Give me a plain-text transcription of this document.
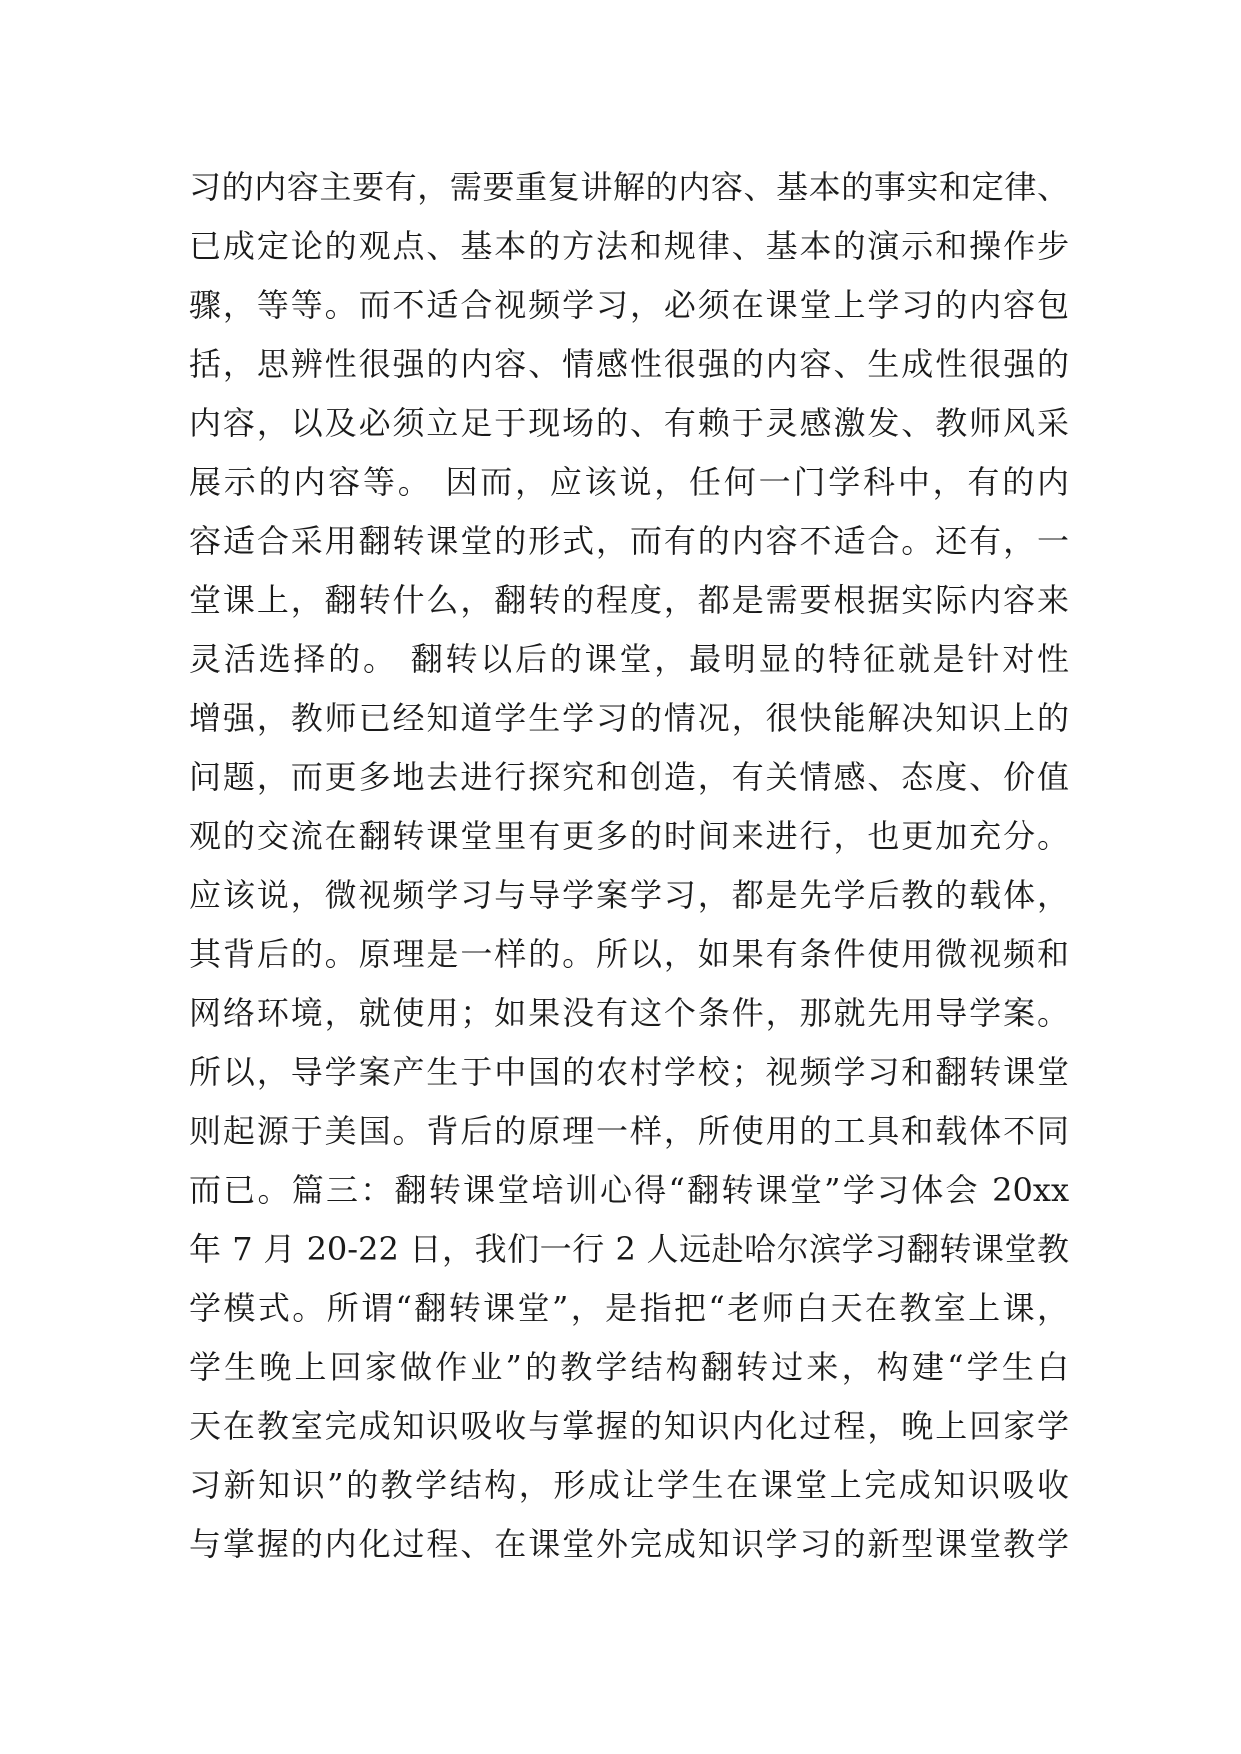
习的内容主要有，需要重复讲解的内容、基本的事实和定律、
已成定论的观点、基本的方法和规律、基本的演示和操作步
骤，等等。而不适合视频学习，必须在课堂上学习的内容包
括，思辨性很强的内容、情感性很强的内容、生成性很强的
内容，以及必须立足于现场的、有赖于灵感激发、教师风采
展示的内容等。 因而，应该说，任何一门学科中，有的内
容适合采用翻转课堂的形式，而有的内容不适合。还有，一
堂课上，翻转什么，翻转的程度，都是需要根据实际内容来
灵活选择的。 翻转以后的课堂，最明显的特征就是针对性
增强，教师已经知道学生学习的情况，很快能解决知识上的
问题，而更多地去进行探究和创造，有关情感、态度、价值
观的交流在翻转课堂里有更多的时间来进行，也更加充分。
应该说，微视频学习与导学案学习，都是先学后教的载体，
其背后的。原理是一样的。所以，如果有条件使用微视频和
网络环境，就使用；如果没有这个条件，那就先用导学案。
所以，导学案产生于中国的农村学校；视频学习和翻转课堂
则起源于美国。背后的原理一样，所使用的工具和载体不同
而已。篇三：翻转课堂培训心得“翻转课堂”学习体会 20xx
年 7 月 20-22 日，我们一行 2 人远赴哈尔滨学习翻转课堂教
学模式。所谓“翻转课堂”，是指把“老师白天在教室上课，
学生晚上回家做作业”的教学结构翻转过来，构建“学生白
天在教室完成知识吸收与掌握的知识内化过程，晚上回家学
习新知识”的教学结构，形成让学生在课堂上完成知识吸收
与掌握的内化过程、在课堂外完成知识学习的新型课堂教学
